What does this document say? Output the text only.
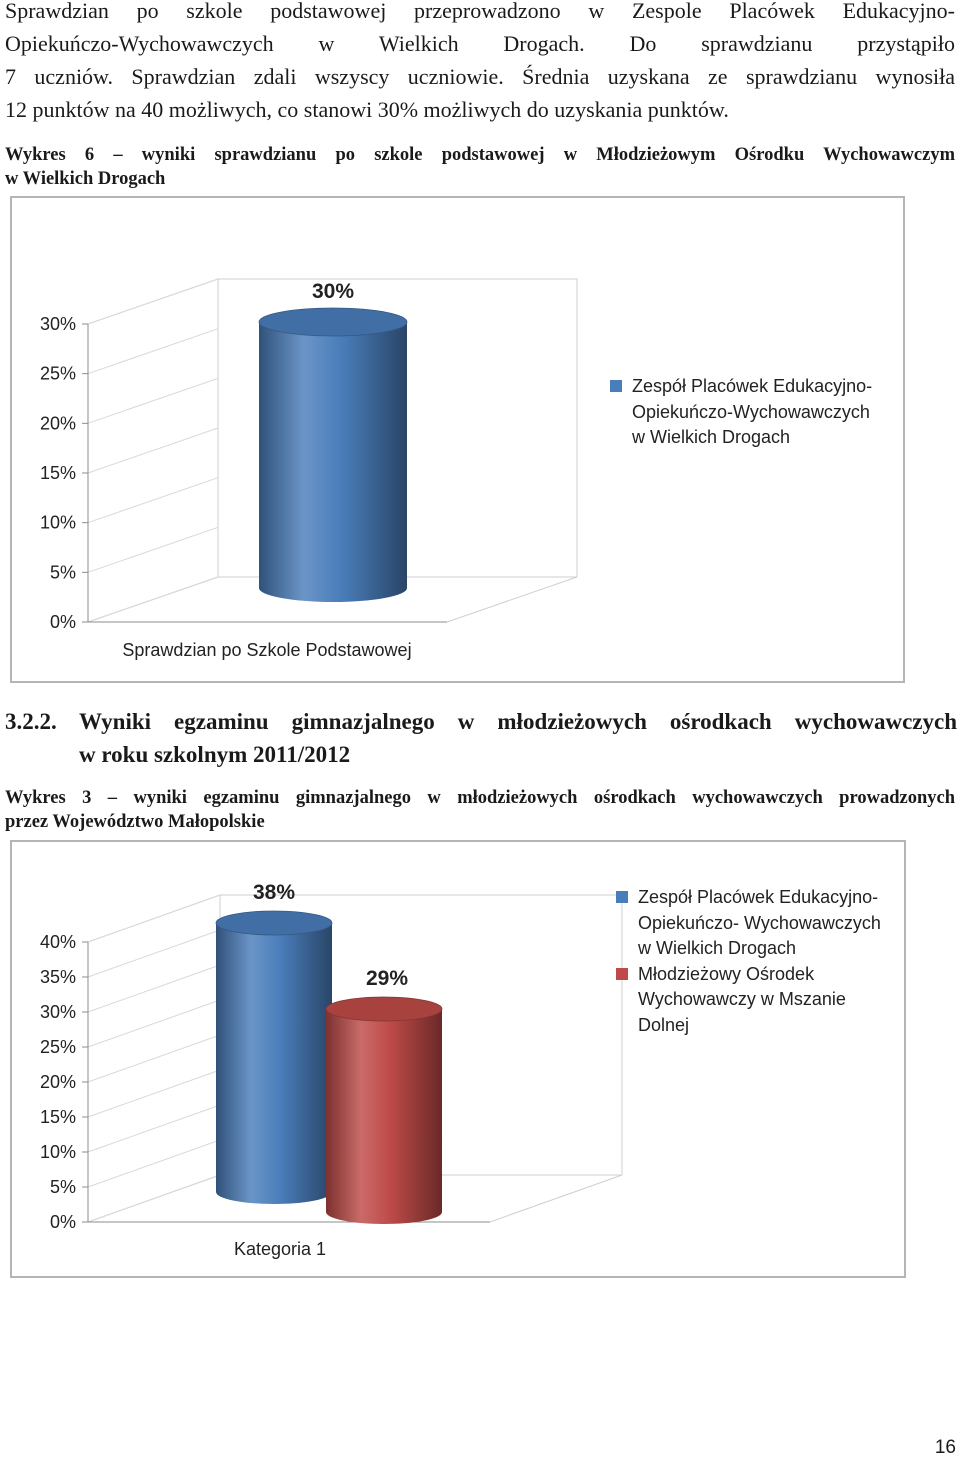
Sprawdzian po szkole podstawowej przeprowadzono w Zespole Placówek Edukacyjno-
Opiekuńczo-Wychowawczych w Wielkich Drogach. Do sprawdzianu przystąpiło
7 uczniów. Sprawdzian zdali wszyscy uczniowie. Średnia uzyskana ze sprawdzianu wynosiła
12 punktów na 40 możliwych, co stanowi 30% możliwych do uzyskania punktów.
Wykres 6 – wyniki sprawdzianu po szkole podstawowej w Młodzieżowym Ośrodku Wychowawczym
w Wielkich Drogach
0%
5%
10%
15%
20%
25%
30%
Sprawdzian po Szkole Podstawowej
30%
Zespół Placówek Edukacyjno-
Opiekuńczo-Wychowawczych
w Wielkich Drogach
3.2.2. Wyniki egzaminu gimnazjalnego w młodzieżowych ośrodkach wychowawczych
w roku szkolnym 2011/2012
Wykres 3 – wyniki egzaminu gimnazjalnego w młodzieżowych ośrodkach wychowawczych prowadzonych
przez Województwo Małopolskie
0%
5%
10%
15%
20%
25%
30%
35%
40%
Kategoria 1
38%
29%
Zespół Placówek Edukacyjno-
Opiekuńczo- Wychowawczych
w Wielkich Drogach
Młodzieżowy Ośrodek
Wychowawczy w Mszanie
Dolnej
16
